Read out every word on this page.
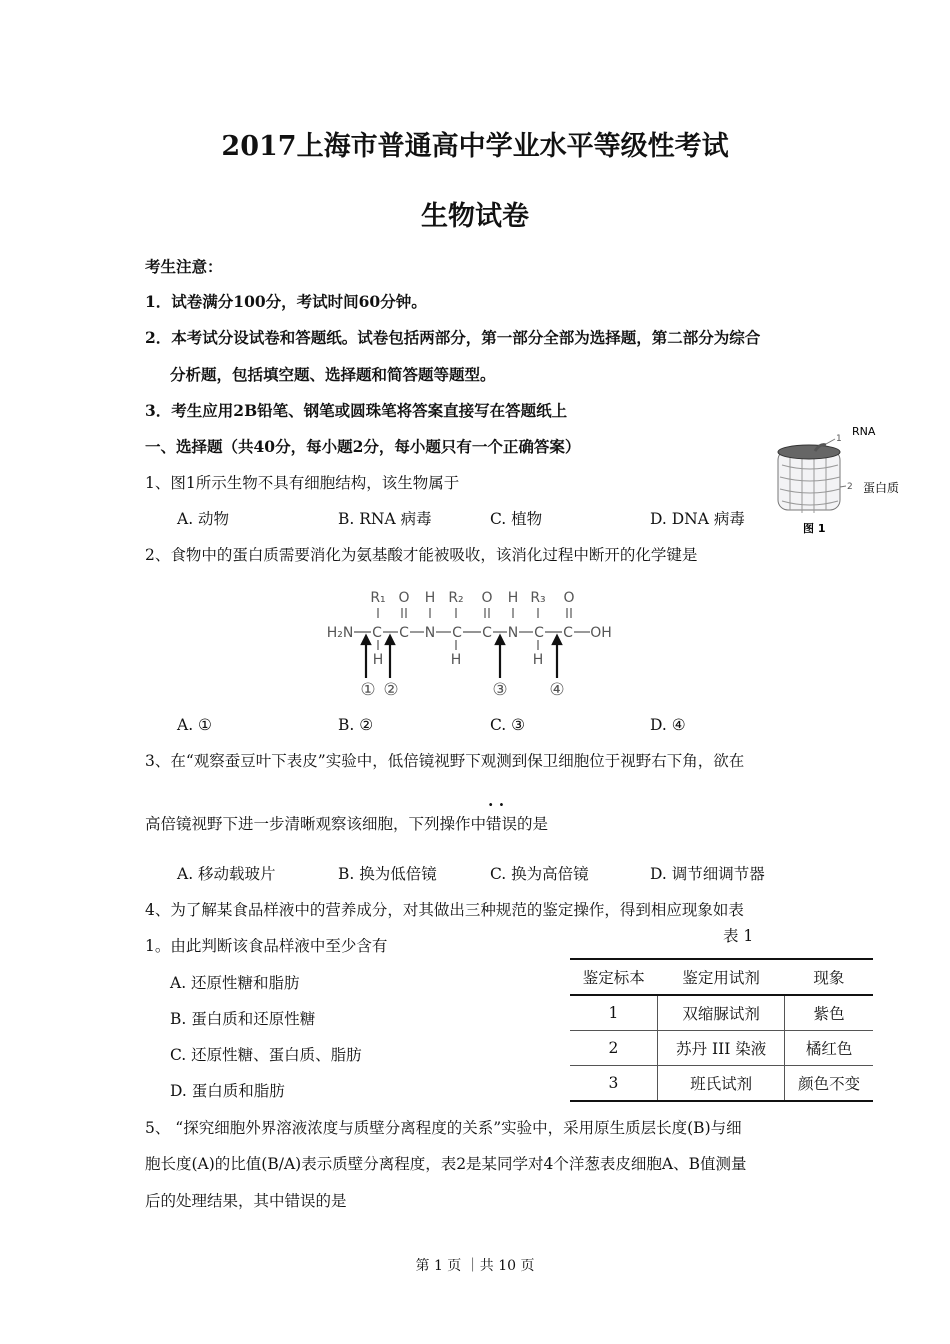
2017上海市普通高中学业水平等级性考试
生物试卷
考生注意：
1．试卷满分100分，考试时间60分钟。
2．本考试分设试卷和答题纸。试卷包括两部分，第一部分全部为选择题，第二部分为综合
分析题，包括填空题、选择题和简答题等题型。
3．考生应用2B铅笔、钢笔或圆珠笔将答案直接写在答题纸上
一、选择题（共40分，每小题2分，每小题只有一个正确答案）
1、图1所示生物不具有细胞结构，该生物属于
A. 动物	B. RNA 病毒	C. 植物	D. DNA 病毒
1
2
RNA
蛋白质
图 1
2、食物中的蛋白质需要消化为氨基酸才能被吸收，该消化过程中断开的化学键是
H₂N C C N C C N C C OH
R₁	R₂	R₃
O	O	O
H	H
H	H	H
① ②	③ ④
A. ①	B. ②	C. ③	D. ④
3、在“观察蚕豆叶下表皮”实验中，低倍镜视野下观测到保卫细胞位于视野右下角，欲在
高倍镜视野下进一步清晰观察该细胞，下列操作中· · 错误的是
A. 移动载玻片	B. 换为低倍镜	C. 换为高倍镜	D. 调节细调节器
4、为了解某食品样液中的营养成分，对其做出三种规范的鉴定操作，得到相应现象如表
1。由此判断该食品样液中至少含有
A. 还原性糖和脂肪
B. 蛋白质和还原性糖
C. 还原性糖、蛋白质、脂肪
D. 蛋白质和脂肪
表 1
鉴定标本	鉴定用试剂	现象
1	双缩脲试剂	紫色
2	苏丹 III 染液	橘红色
3	班氏试剂	颜色不变
5、 “探究细胞外界溶液浓度与质壁分离程度的关系”实验中，采用原生质层长度(B)与细
胞长度(A)的比值(B/A)表示质壁分离程度，表2是某同学对4个洋葱表皮细胞A、B值测量
后的处理结果，其中错误的是
第 1 页 ｜共 10 页
